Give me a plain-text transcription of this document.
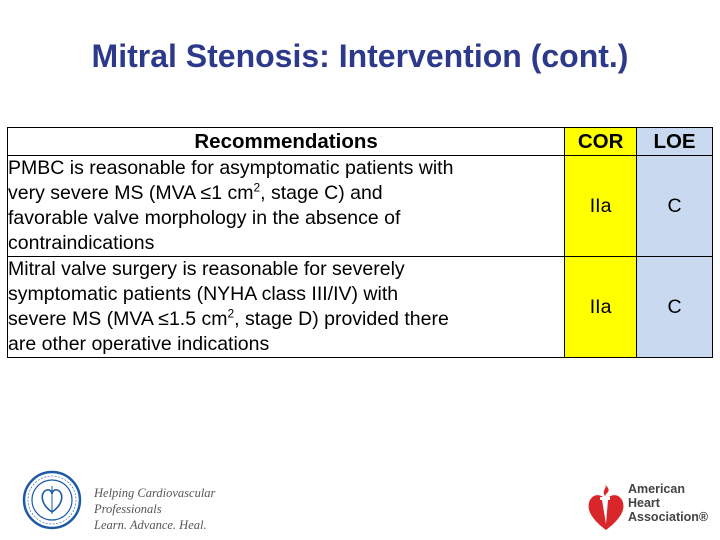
Mitral Stenosis: Intervention (cont.)
Recommendations	COR	LOE

PMBC is reasonable for asymptomatic patients with
very severe MS (MVA ≤1 $cm^2$, stage C) and
favorable valve morphology in the absence of
contraindications	IIa	C

Mitral valve surgery is reasonable for severely
symptomatic patients (NYHA class III/IV) with
severe MS (MVA ≤1.5 $cm^2$, stage D) provided there
are other operative indications	IIa	C
Helping Cardiovascular Professionals
Learn. Advance. Heal.
American
Heart
Association®
